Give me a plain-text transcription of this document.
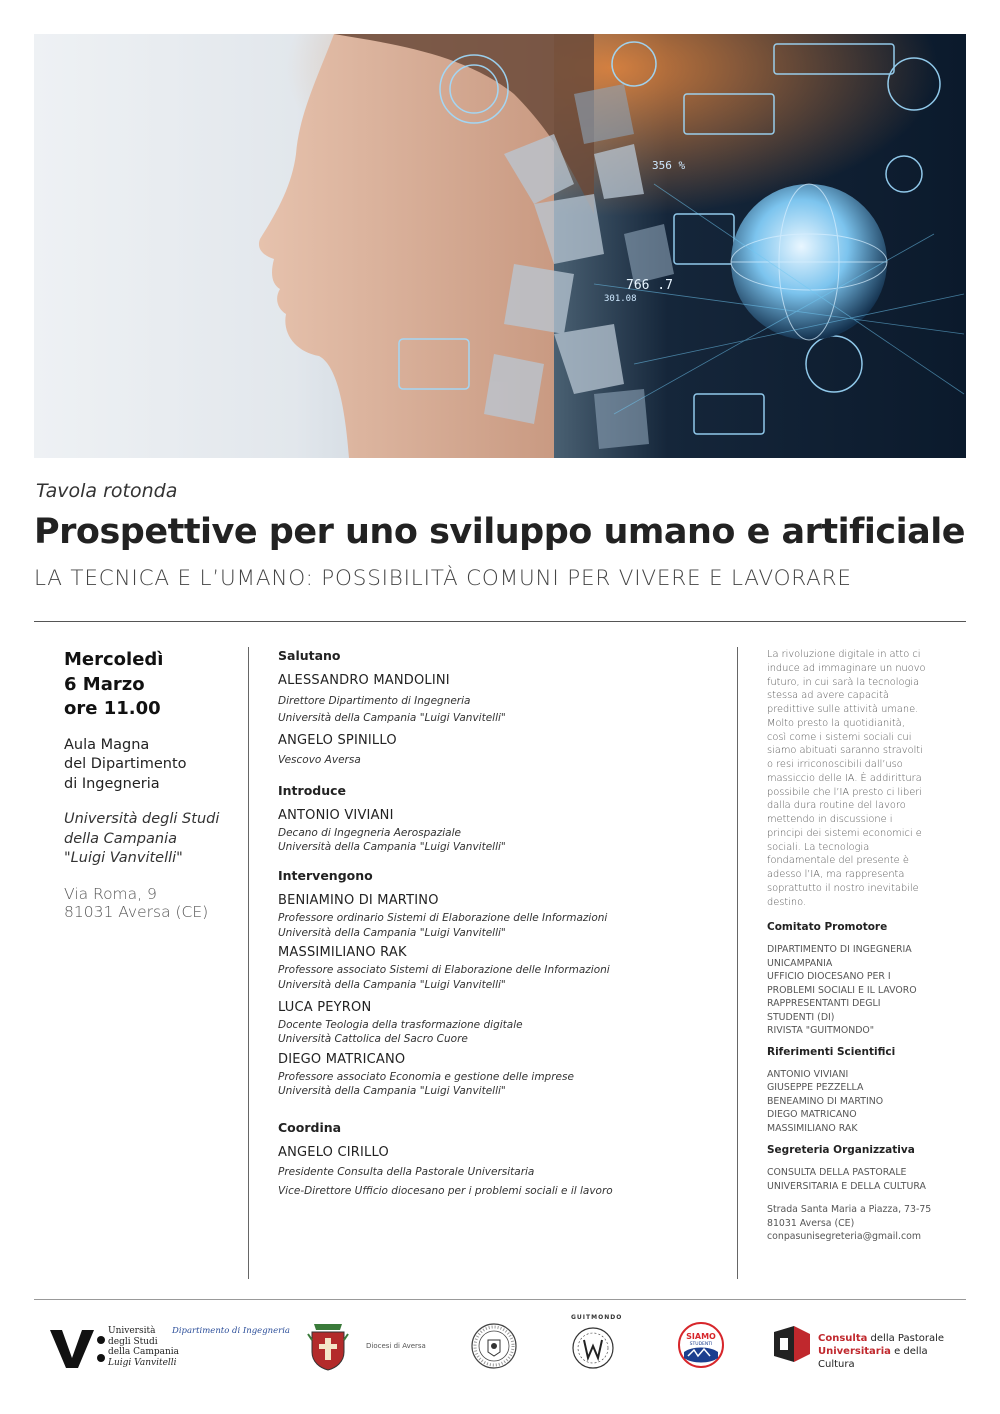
356 %
766 .7
301.08
Tavola rotonda
Prospettive per uno sviluppo umano e artificiale
LA TECNICA E L’UMANO: POSSIBILITÀ COMUNI PER VIVERE E LAVORARE
Mercoledì
6 Marzo
ore 11.00
Aula Magna
del Dipartimento
di Ingegneria
Università degli Studi
della Campania
"Luigi Vanvitelli"
Via Roma, 9
81031 Aversa (CE)
Salutano
ALESSANDRO MANDOLINI
Direttore Dipartimento di Ingegneria
Università della Campania "Luigi Vanvitelli"
ANGELO SPINILLO
Vescovo Aversa
Introduce
ANTONIO VIVIANI
Decano di Ingegneria Aerospaziale
Università della Campania "Luigi Vanvitelli"
Intervengono
BENIAMINO DI MARTINO
Professore ordinario Sistemi di Elaborazione delle Informazioni
Università della Campania "Luigi Vanvitelli"
MASSIMILIANO RAK
Professore associato Sistemi di Elaborazione delle Informazioni
Università della Campania "Luigi Vanvitelli"
LUCA PEYRON
Docente Teologia della trasformazione digitale
Università Cattolica del Sacro Cuore
DIEGO MATRICANO
Professore associato Economia e gestione delle imprese
Università della Campania "Luigi Vanvitelli"
Coordina
ANGELO CIRILLO
Presidente Consulta della Pastorale Universitaria
Vice-Direttore Ufficio diocesano per i problemi sociali e il lavoro
La rivoluzione digitale in atto ci
induce ad immaginare un nuovo
futuro, in cui sarà la tecnologia
stessa ad avere capacità
predittive sulle attività umane.
Molto presto la quotidianità,
così come i sistemi sociali cui
siamo abituati saranno stravolti
o resi irriconoscibili dall’uso
massiccio delle IA. È addirittura
possibile che l’IA presto ci liberi
dalla dura routine del lavoro
mettendo in discussione i
principi dei sistemi economici e
sociali. La tecnologia
fondamentale del presente è
adesso l’IA, ma rappresenta
soprattutto il nostro inevitabile
destino.
Comitato Promotore
DIPARTIMENTO DI INGEGNERIA
UNICAMPANIA
UFFICIO DIOCESANO PER I
PROBLEMI SOCIALI E IL LAVORO
RAPPRESENTANTI DEGLI
STUDENTI (DI)
RIVISTA "GUITMONDO"
Riferimenti Scientifici
ANTONIO VIVIANI
GIUSEPPE PEZZELLA
BENEAMINO DI MARTINO
DIEGO MATRICANO
MASSIMILIANO RAK
Segreteria Organizzativa
CONSULTA DELLA PASTORALE
UNIVERSITARIA E DELLA CULTURA
Strada Santa Maria a Piazza, 73-75
81031 Aversa (CE)
conpasunisegreteria@gmail.com
Università
degli Studi
della Campania
Luigi Vanvitelli
Dipartimento di Ingegneria
Diocesi di Aversa
GUITMONDO
SIAMO
STUDENTI
Consulta della Pastorale
Universitaria e della Cultura
